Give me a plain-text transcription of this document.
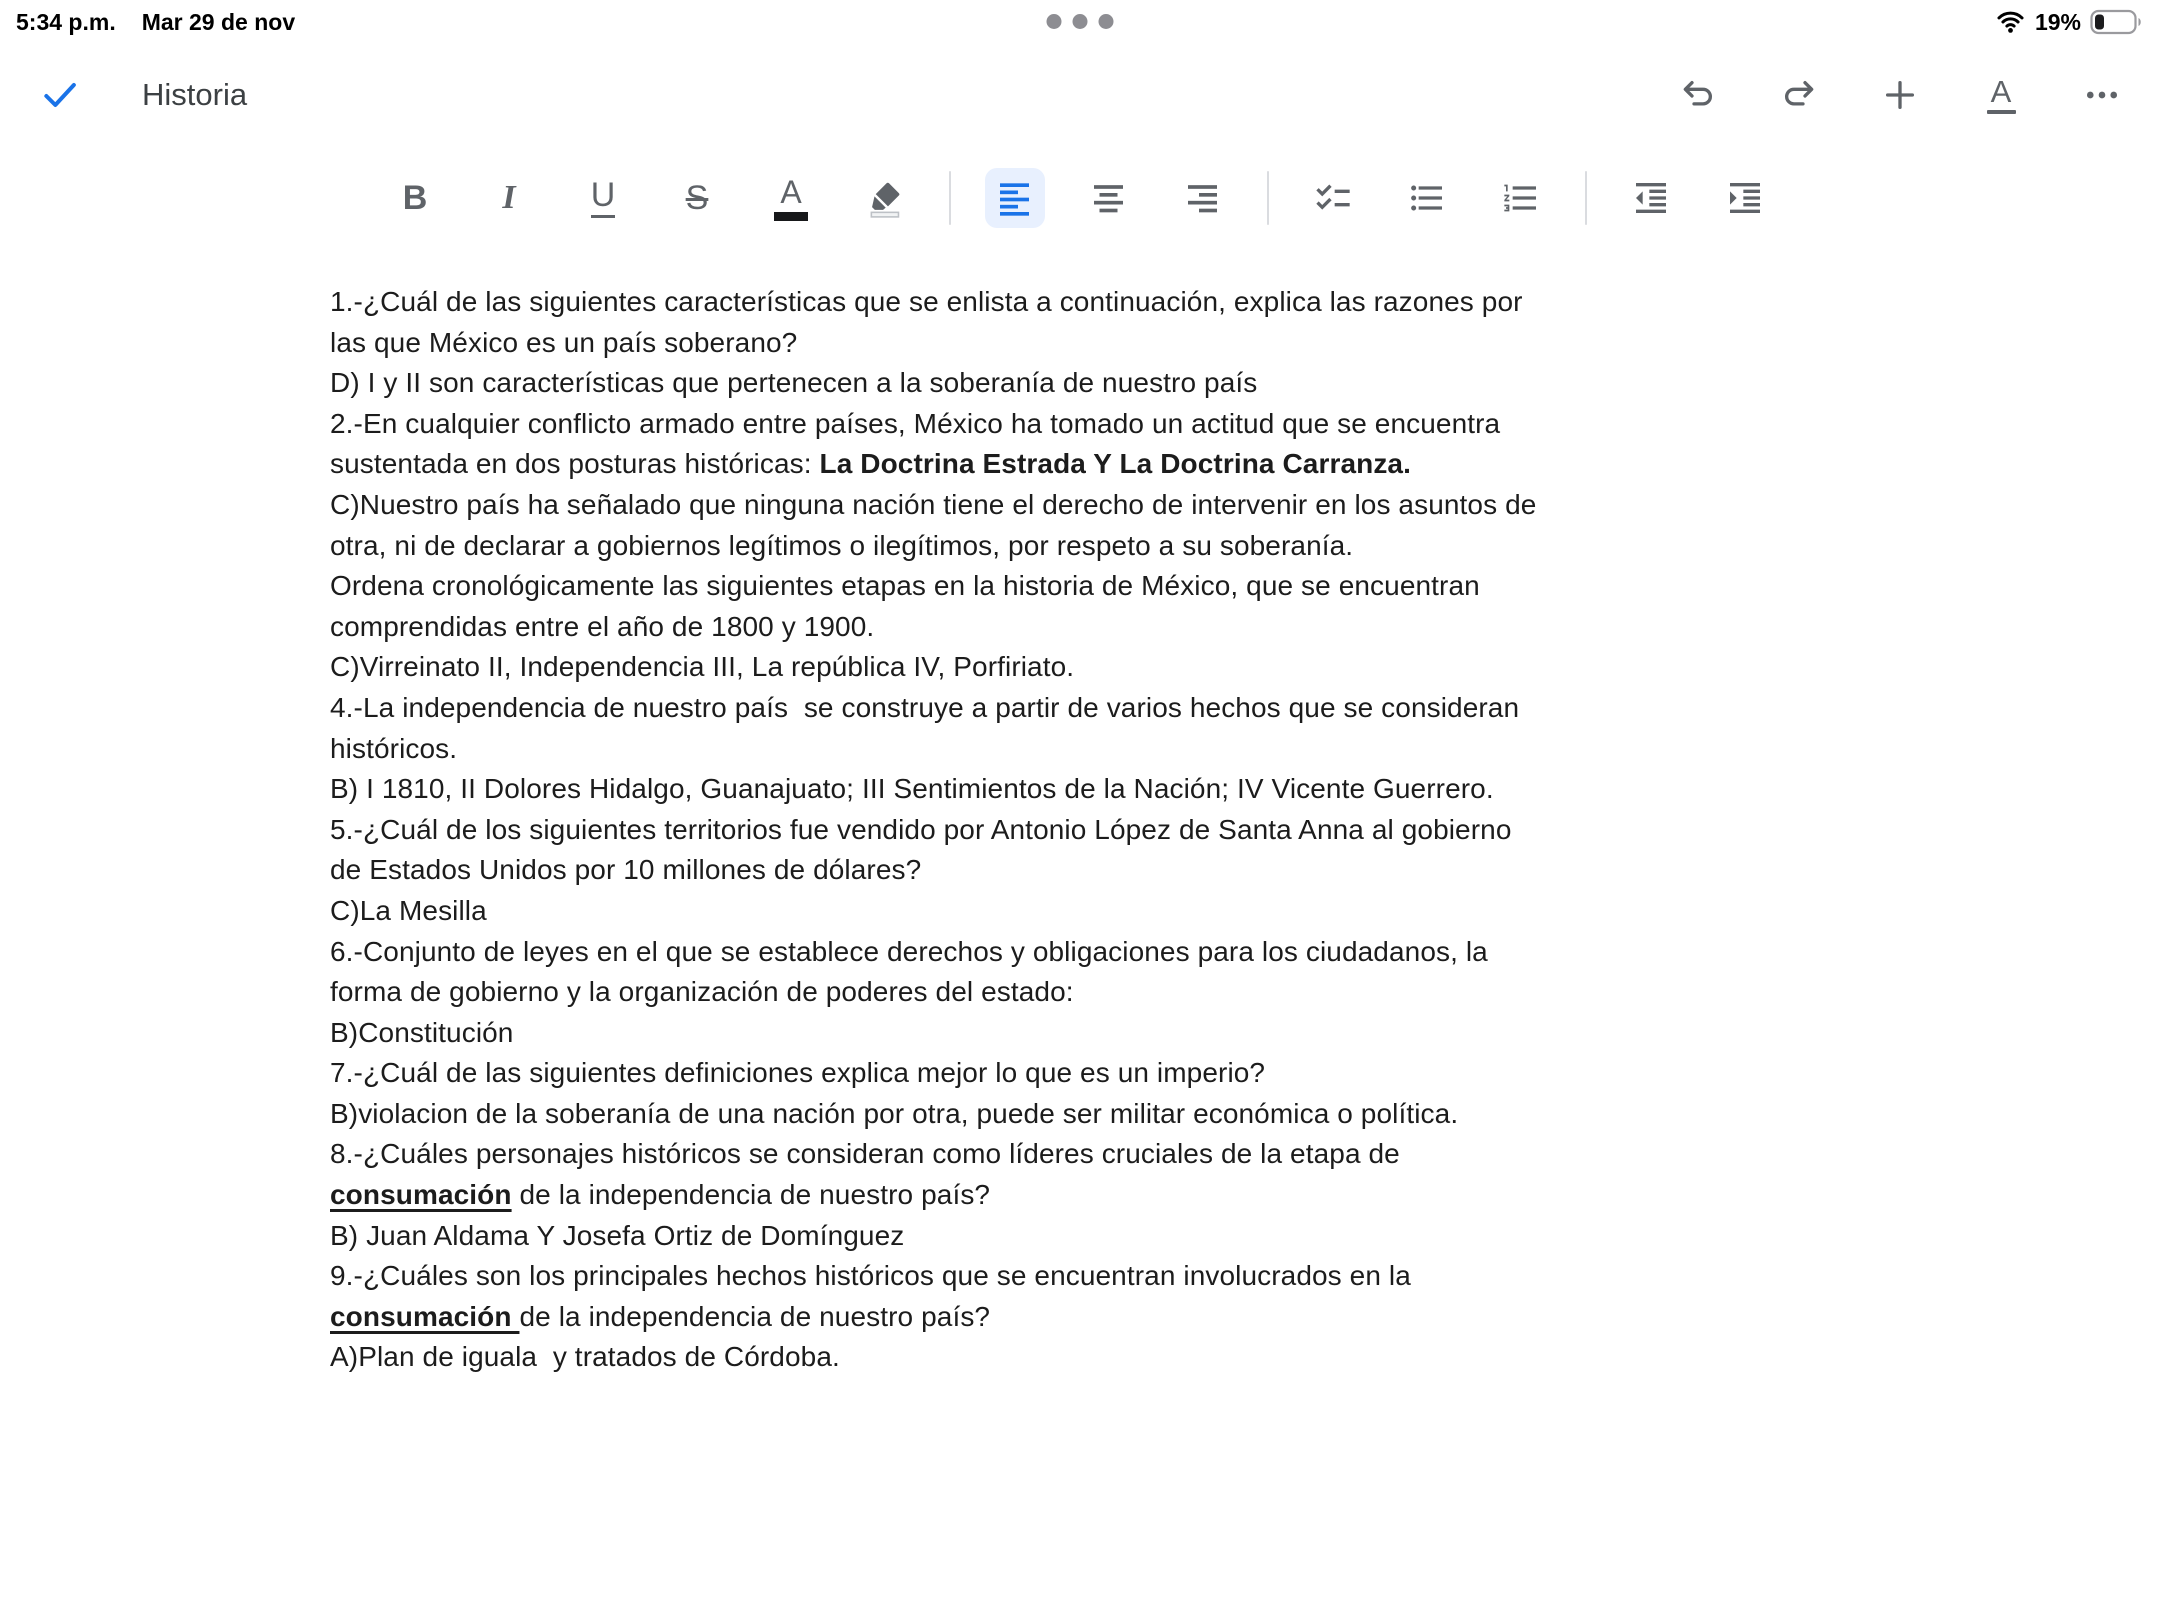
5:34 p.m. Mar 29 de nov	19%
Historia	A
B I U S A
1.-¿Cuál de las siguientes características que se enlista a continuación, explica las razones por las que México es un país soberano?
D) I y II son características que pertenecen a la soberanía de nuestro país
2.-En cualquier conflicto armado entre países, México ha tomado un actitud que se encuentra sustentada en dos posturas históricas: La Doctrina Estrada Y La Doctrina Carranza.
C)Nuestro país ha señalado que ninguna nación tiene el derecho de intervenir en los asuntos de otra, ni de declarar a gobiernos legítimos o ilegítimos, por respeto a su soberanía.
Ordena cronológicamente las siguientes etapas en la historia de México, que se encuentran comprendidas entre el año de 1800 y 1900.
C)Virreinato II, Independencia III, La república IV, Porfiriato.
4.-La independencia de nuestro país  se construye a partir de varios hechos que se consideran históricos.
B) I 1810, II Dolores Hidalgo, Guanajuato; III Sentimientos de la Nación; IV Vicente Guerrero.
5.-¿Cuál de los siguientes territorios fue vendido por Antonio López de Santa Anna al gobierno de Estados Unidos por 10 millones de dólares?
C)La Mesilla
6.-Conjunto de leyes en el que se establece derechos y obligaciones para los ciudadanos, la forma de gobierno y la organización de poderes del estado:
B)Constitución
7.-¿Cuál de las siguientes definiciones explica mejor lo que es un imperio?
B)violacion de la soberanía de una nación por otra, puede ser militar económica o política.
8.-¿Cuáles personajes históricos se consideran como líderes cruciales de la etapa de consumación de la independencia de nuestro país?
B) Juan Aldama Y Josefa Ortiz de Domínguez
9.-¿Cuáles son los principales hechos históricos que se encuentran involucrados en la consumación de la independencia de nuestro país?
A)Plan de iguala  y tratados de Córdoba.
